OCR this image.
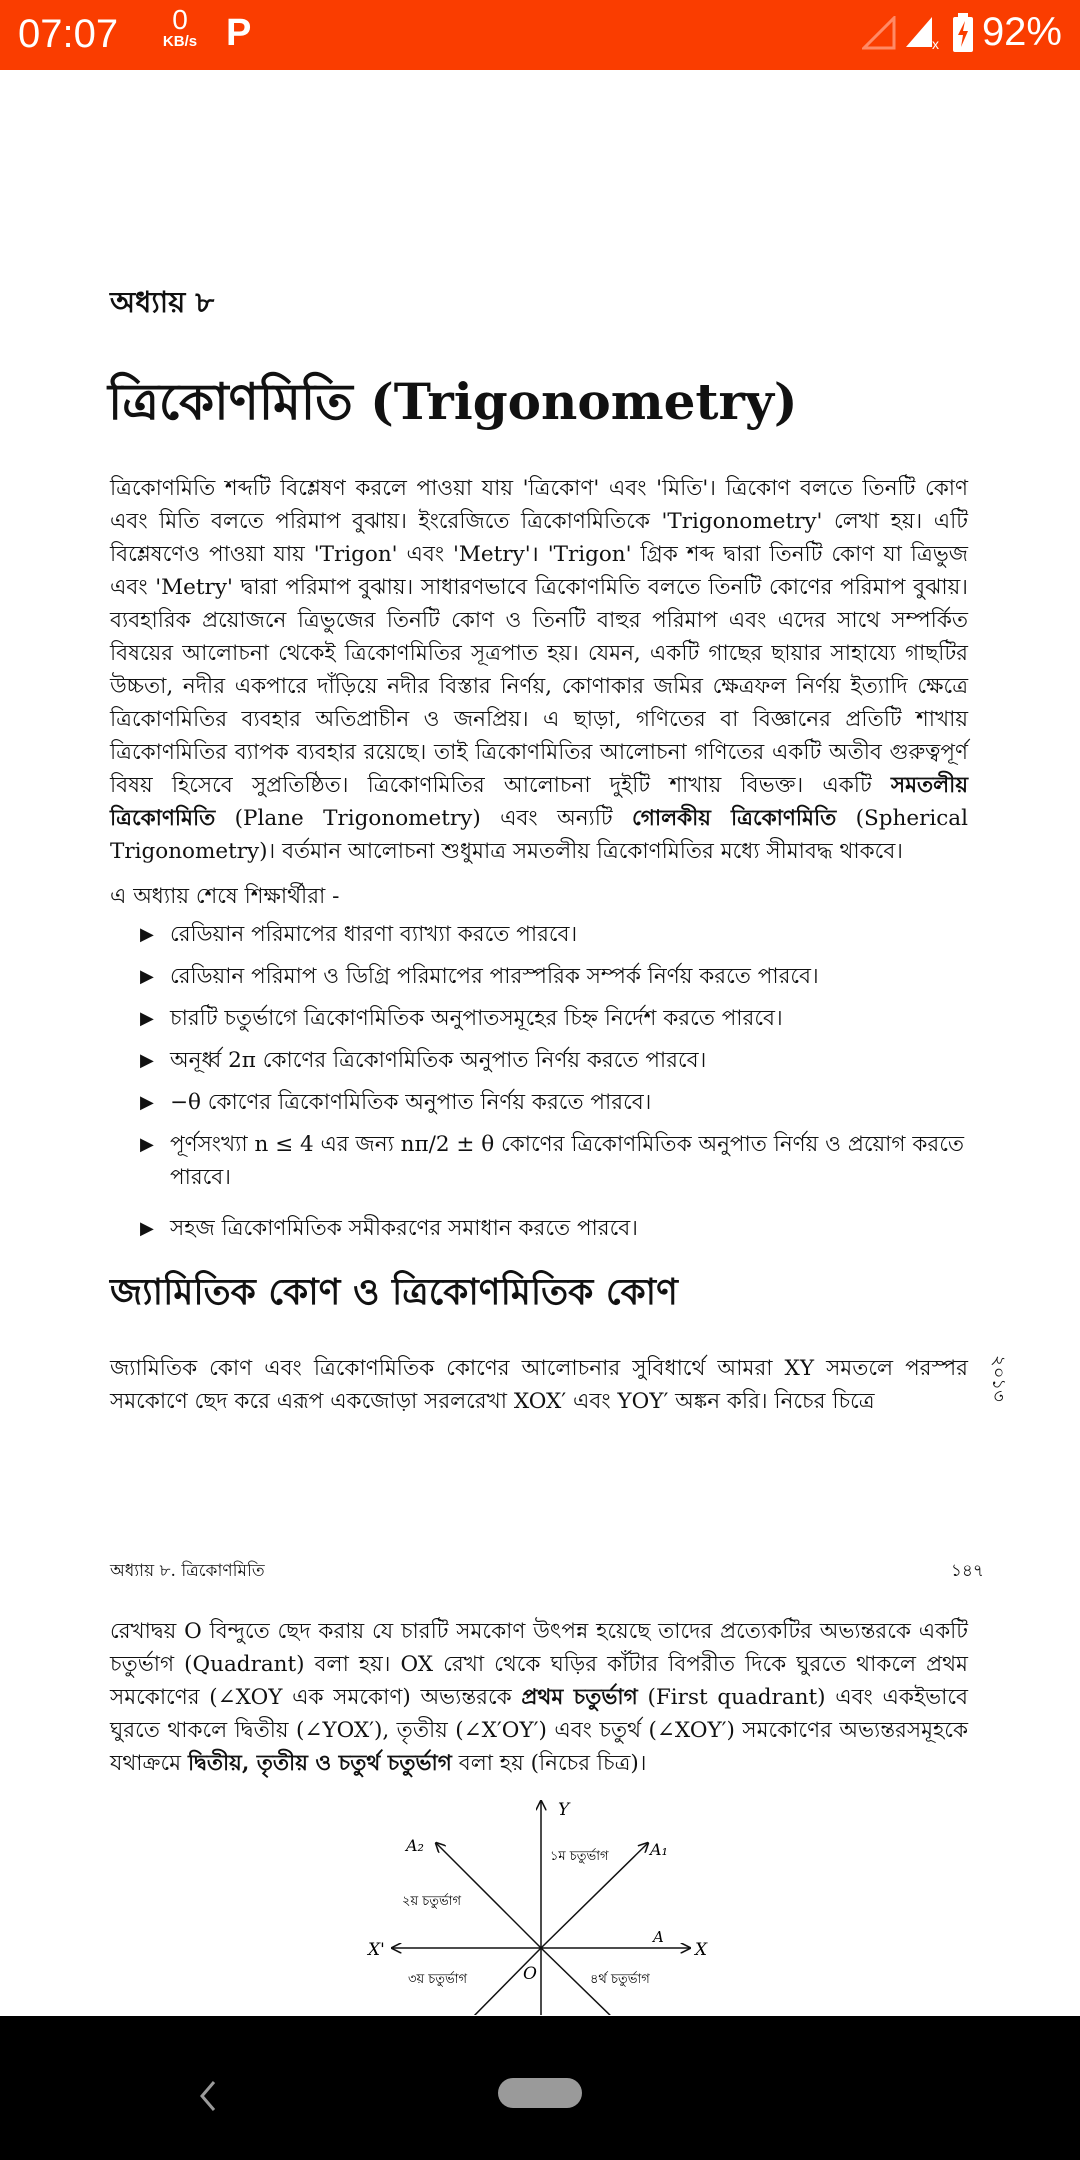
07:07	0
KB/s P	x 92%
অধ্যায় ৮
ত্রিকোণমিতি (Trigonometry)
ত্রিকোণমিতি শব্দটি বিশ্লেষণ করলে পাওয়া যায় 'ত্রিকোণ' এবং 'মিতি'। ত্রিকোণ বলতে তিনটি কোণ এবং মিতি বলতে পরিমাপ বুঝায়। ইংরেজিতে ত্রিকোণমিতিকে 'Trigonometry' লেখা হয়। এটি বিশ্লেষণেও পাওয়া যায় 'Trigon' এবং 'Metry'। 'Trigon' গ্রিক শব্দ দ্বারা তিনটি কোণ যা ত্রিভুজ এবং 'Metry' দ্বারা পরিমাপ বুঝায়। সাধারণভাবে ত্রিকোণমিতি বলতে তিনটি কোণের পরিমাপ বুঝায়। ব্যবহারিক প্রয়োজনে ত্রিভুজের তিনটি কোণ ও তিনটি বাহুর পরিমাপ এবং এদের সাথে সম্পর্কিত বিষয়ের আলোচনা থেকেই ত্রিকোণমিতির সূত্রপাত হয়। যেমন, একটি গাছের ছায়ার সাহায্যে গাছটির উচ্চতা, নদীর একপারে দাঁড়িয়ে নদীর বিস্তার নির্ণয়, কোণাকার জমির ক্ষেত্রফল নির্ণয় ইত্যাদি ক্ষেত্রে ত্রিকোণমিতির ব্যবহার অতিপ্রাচীন ও জনপ্রিয়। এ ছাড়া, গণিতের বা বিজ্ঞানের প্রতিটি শাখায় ত্রিকোণমিতির ব্যাপক ব্যবহার রয়েছে। তাই ত্রিকোণমিতির আলোচনা গণিতের একটি অতীব গুরুত্বপূর্ণ বিষয় হিসেবে সুপ্রতিষ্ঠিত। ত্রিকোণমিতির আলোচনা দুইটি শাখায় বিভক্ত। একটি সমতলীয় ত্রিকোণমিতি (Plane Trigonometry) এবং অন্যটি গোলকীয় ত্রিকোণমিতি (Spherical Trigonometry)। বর্তমান আলোচনা শুধুমাত্র সমতলীয় ত্রিকোণমিতির মধ্যে সীমাবদ্ধ থাকবে।
এ অধ্যায় শেষে শিক্ষার্থীরা -
▶ রেডিয়ান পরিমাপের ধারণা ব্যাখ্যা করতে পারবে।
▶ রেডিয়ান পরিমাপ ও ডিগ্রি পরিমাপের পারস্পরিক সম্পর্ক নির্ণয় করতে পারবে।
▶ চারটি চতুর্ভাগে ত্রিকোণমিতিক অনুপাতসমূহের চিহ্ন নির্দেশ করতে পারবে।
▶ অনূর্ধ্ব 2π কোণের ত্রিকোণমিতিক অনুপাত নির্ণয় করতে পারবে।
▶ −θ কোণের ত্রিকোণমিতিক অনুপাত নির্ণয় করতে পারবে।
▶ পূর্ণসংখ্যা n ≤ 4 এর জন্য nπ/2 ± θ কোণের ত্রিকোণমিতিক অনুপাত নির্ণয় ও প্রয়োগ করতে পারবে।
▶ সহজ ত্রিকোণমিতিক সমীকরণের সমাধান করতে পারবে।
জ্যামিতিক কোণ ও ত্রিকোণমিতিক কোণ
জ্যামিতিক কোণ এবং ত্রিকোণমিতিক কোণের আলোচনার সুবিধার্থে আমরা XY সমতলে পরস্পর সমকোণে ছেদ করে এরূপ একজোড়া সরলরেখা XOX′ এবং YOY′ অঙ্কন করি। নিচের চিত্রে	২০১৩
অধ্যায় ৮. ত্রিকোণমিতি	১৪৭
রেখাদ্বয় O বিন্দুতে ছেদ করায় যে চারটি সমকোণ উৎপন্ন হয়েছে তাদের প্রত্যেকটির অভ্যন্তরকে একটি চতুর্ভাগ (Quadrant) বলা হয়। OX রেখা থেকে ঘড়ির কাঁটার বিপরীত দিকে ঘুরতে থাকলে প্রথম সমকোণের (∠XOY এক সমকোণ) অভ্যন্তরকে প্রথম চতুর্ভাগ (First quadrant) এবং একইভাবে ঘুরতে থাকলে দ্বিতীয় (∠YOX′), তৃতীয় (∠X′OY′) এবং চতুর্থ (∠XOY′) সমকোণের অভ্যন্তরসমূহকে যথাক্রমে দ্বিতীয়, তৃতীয় ও চতুর্থ চতুর্ভাগ বলা হয় (নিচের চিত্র)।
Y
X
X'
O
A
A₁
A₂
১ম চতুর্ভাগ
২য় চতুর্ভাগ
৩য় চতুর্ভাগ	৪র্থ চতুর্ভাগ
